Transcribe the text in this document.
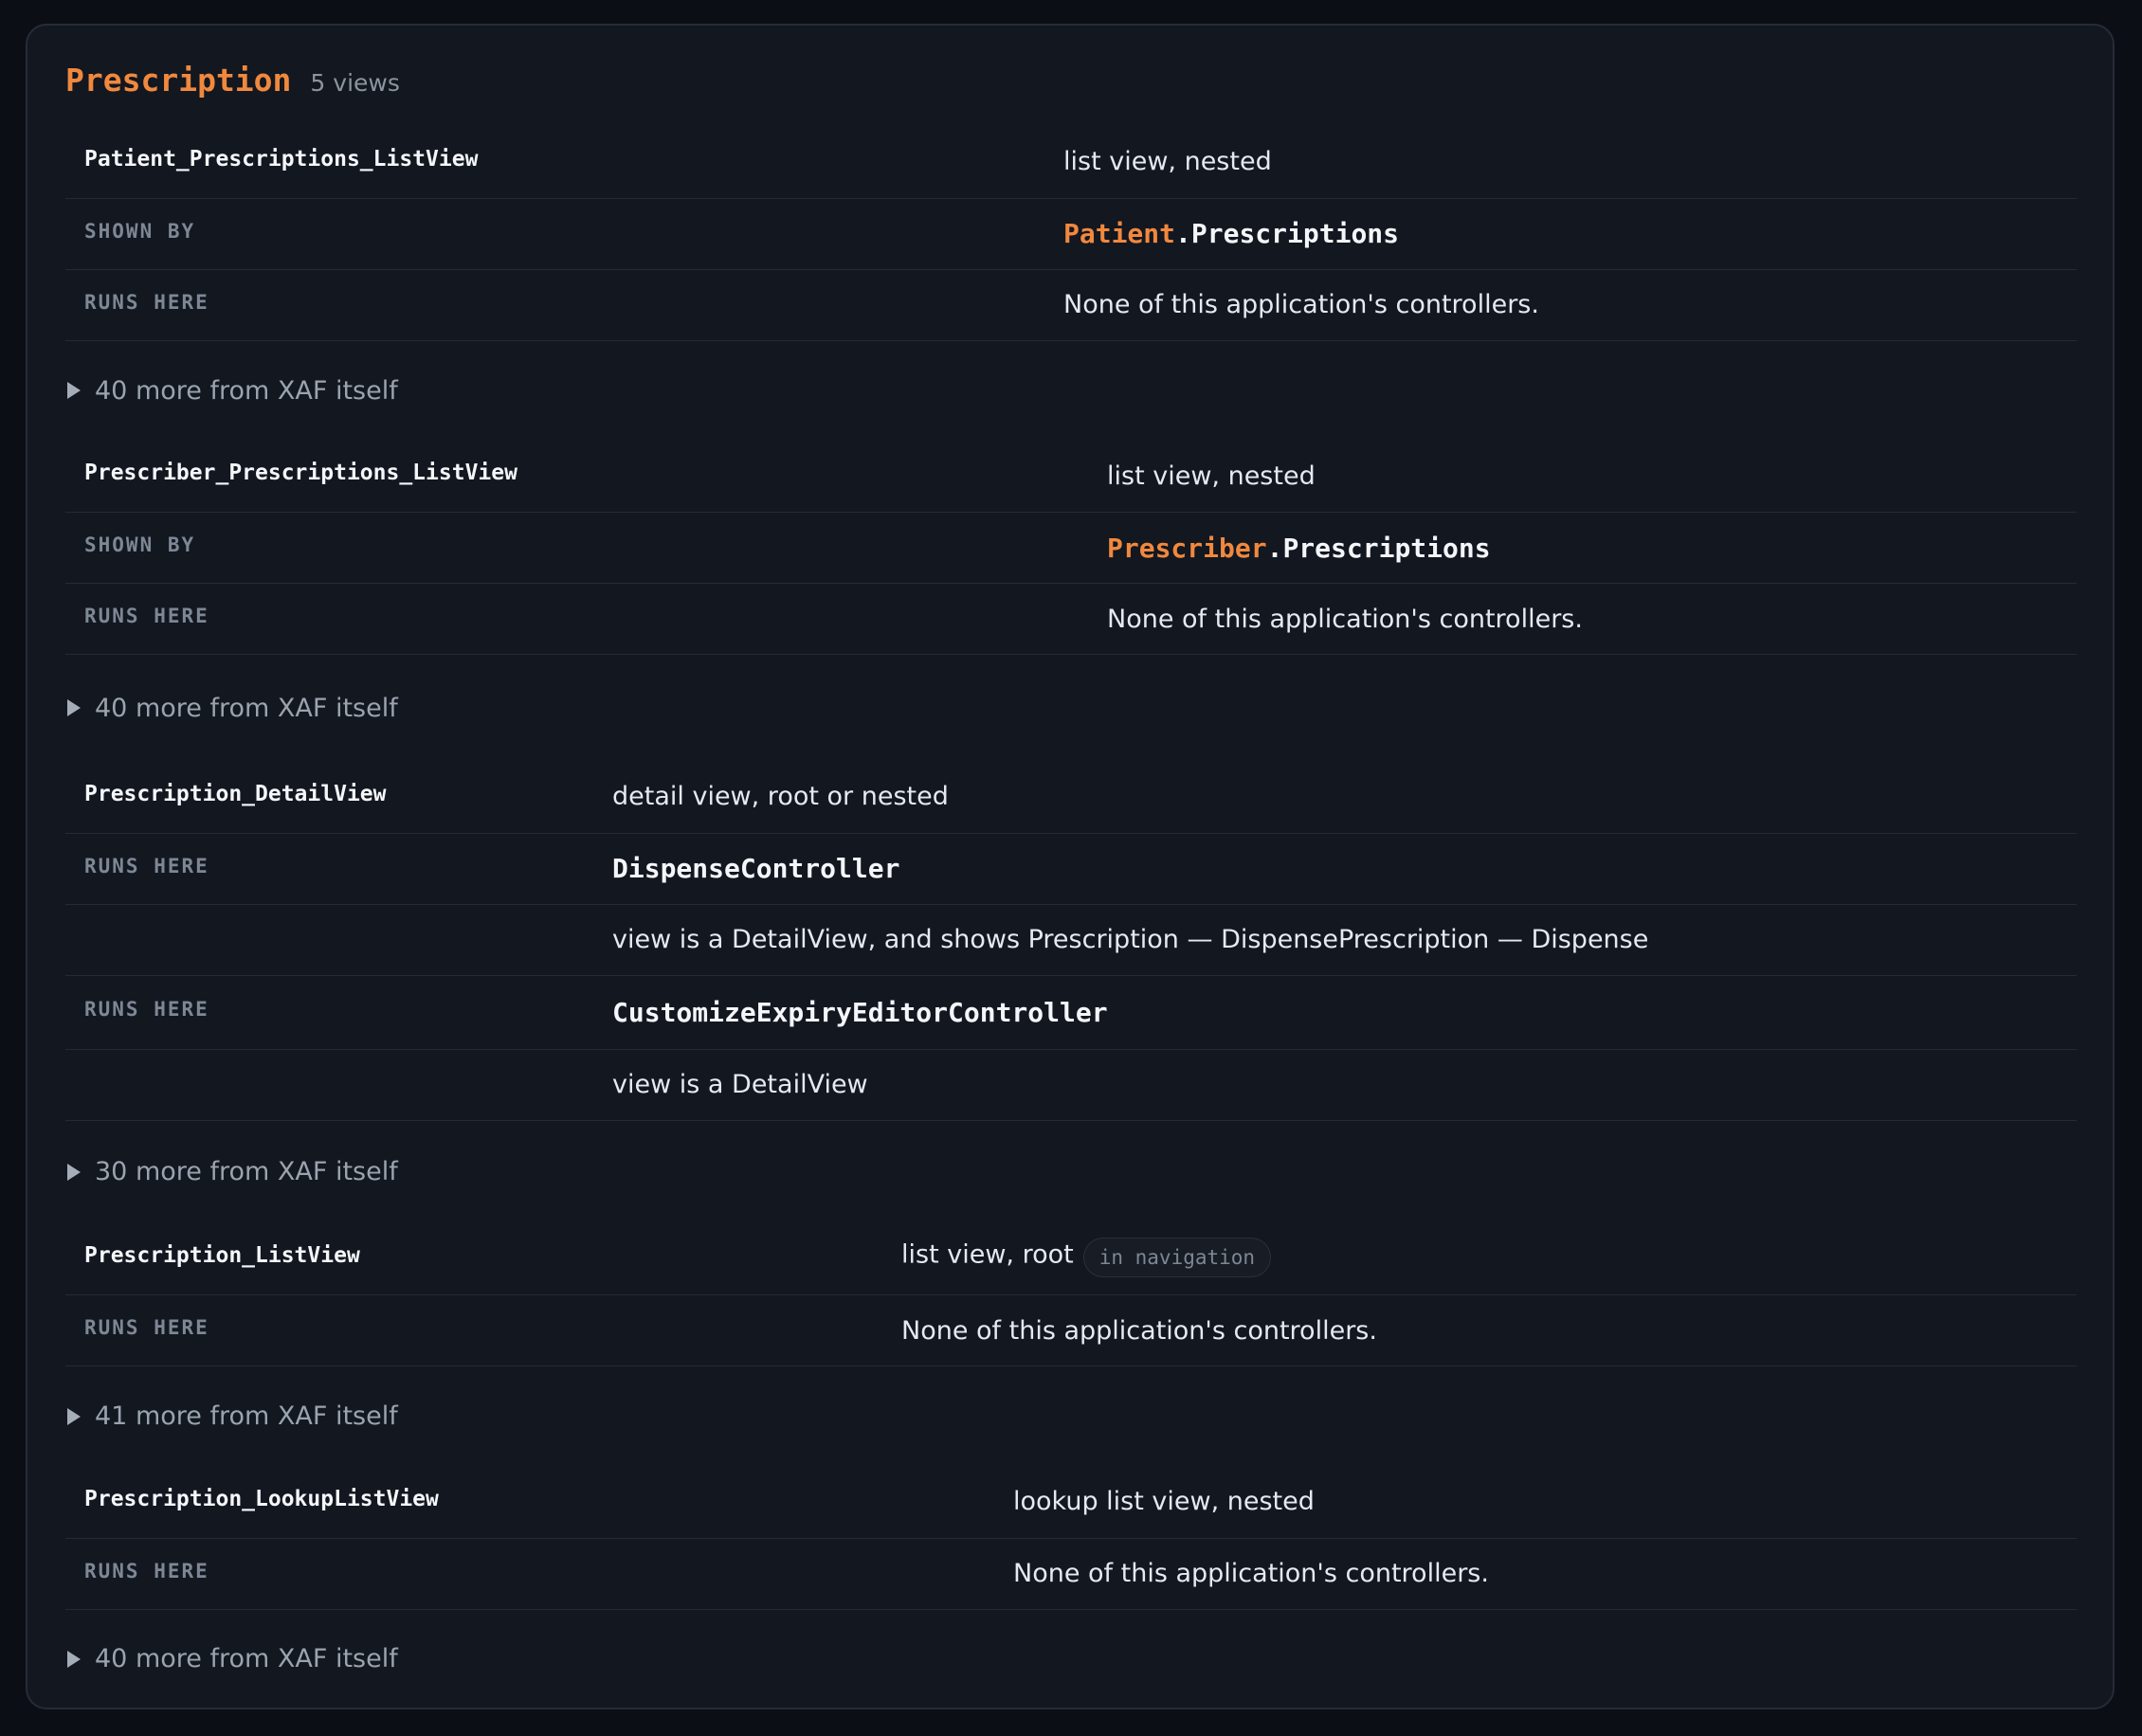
Prescription 5 views
Patient_Prescriptions_ListView	list view, nested
SHOWN BY	Patient.Prescriptions
RUNS HERE	None of this application's controllers.
40 more from XAF itself
Prescriber_Prescriptions_ListView	list view, nested
SHOWN BY	Prescriber.Prescriptions
RUNS HERE	None of this application's controllers.
40 more from XAF itself
Prescription_DetailView	detail view, root or nested
RUNS HERE	DispenseController
	view is a DetailView, and shows Prescription — DispensePrescription — Dispense
RUNS HERE	CustomizeExpiryEditorController
	view is a DetailView
30 more from XAF itself
Prescription_ListView	list view, root in navigation
RUNS HERE	None of this application's controllers.
41 more from XAF itself
Prescription_LookupListView	lookup list view, nested
RUNS HERE	None of this application's controllers.
40 more from XAF itself
